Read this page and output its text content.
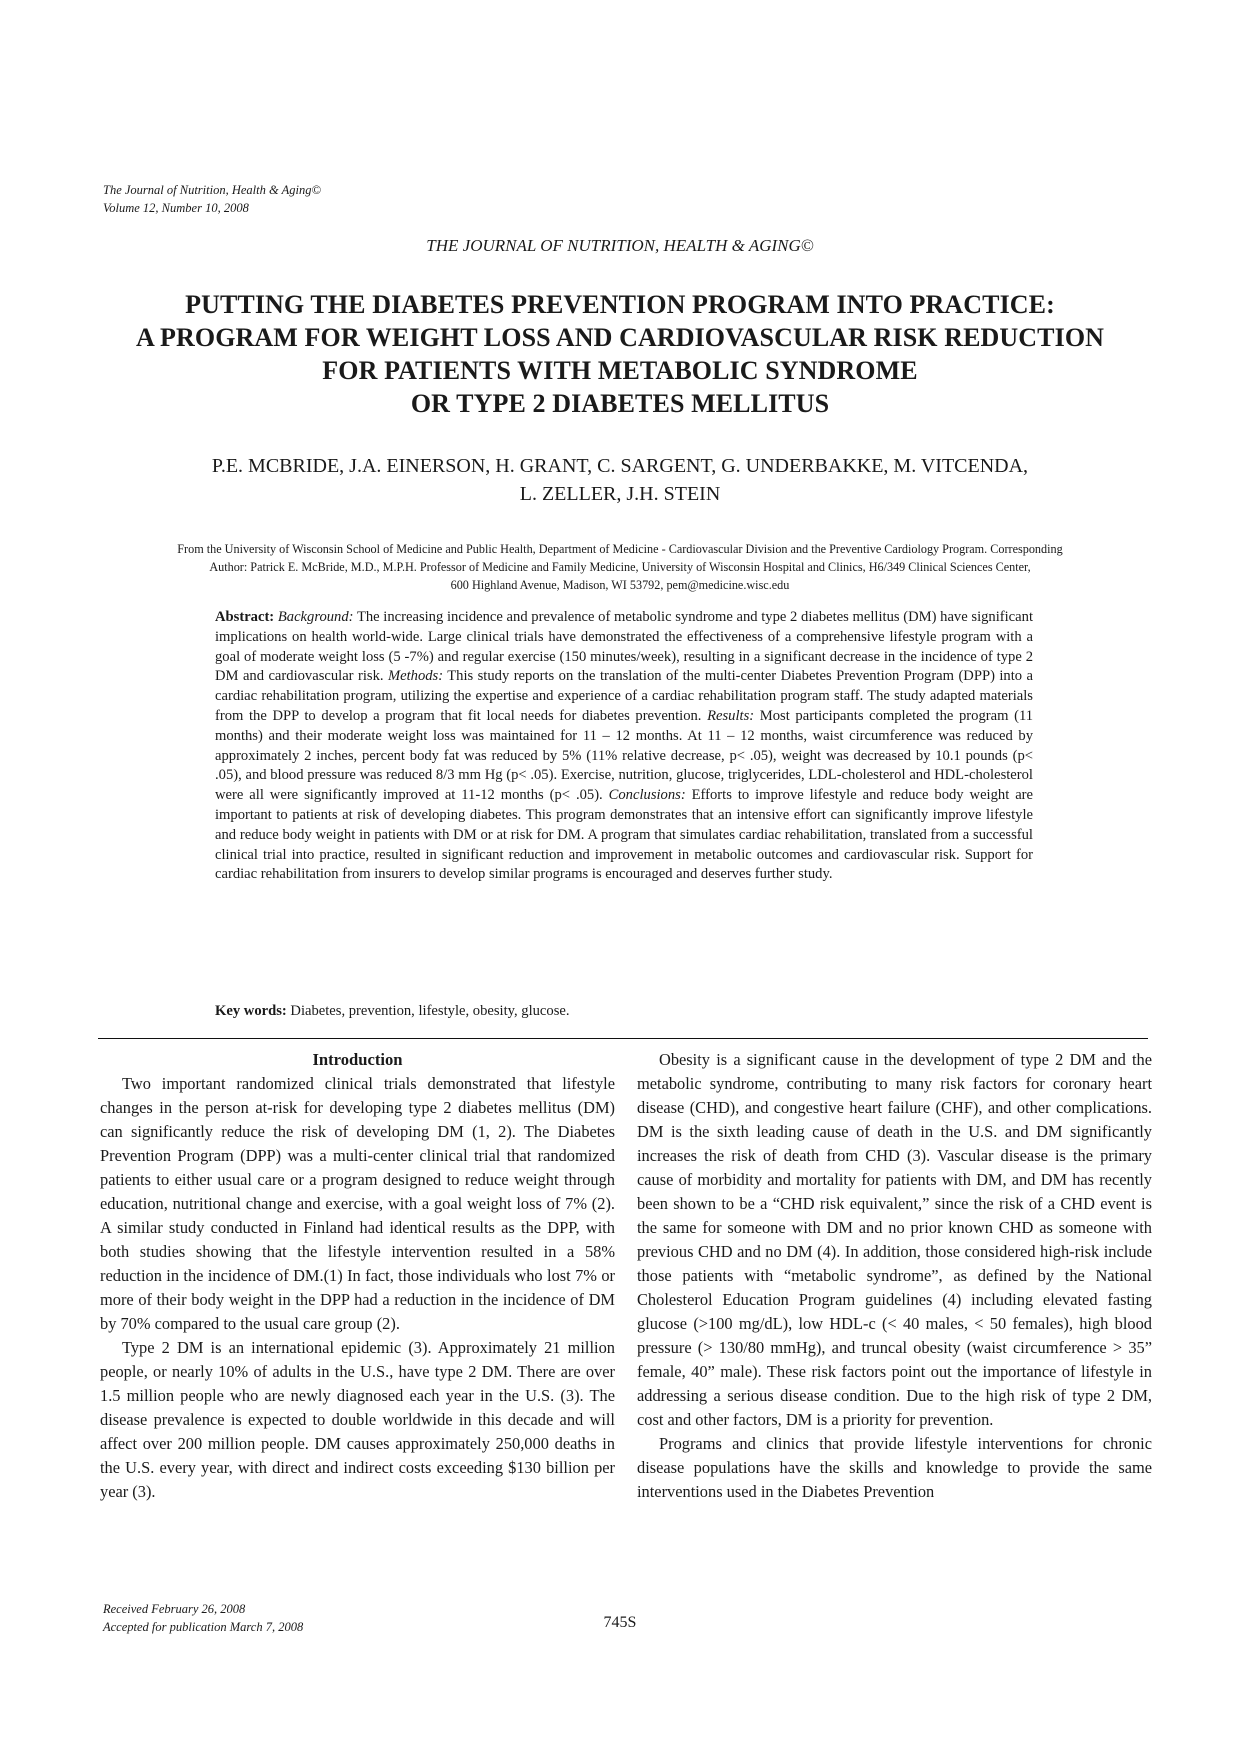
The Journal of Nutrition, Health & Aging©
Volume 12, Number 10, 2008
THE JOURNAL OF NUTRITION, HEALTH & AGING©
PUTTING THE DIABETES PREVENTION PROGRAM INTO PRACTICE:
A PROGRAM FOR WEIGHT LOSS AND CARDIOVASCULAR RISK REDUCTION
FOR PATIENTS WITH METABOLIC SYNDROME
OR TYPE 2 DIABETES MELLITUS
P.E. MCBRIDE, J.A. EINERSON, H. GRANT, C. SARGENT, G. UNDERBAKKE, M. VITCENDA,
L. ZELLER, J.H. STEIN
From the University of Wisconsin School of Medicine and Public Health, Department of Medicine - Cardiovascular Division and the Preventive Cardiology Program. Corresponding
Author: Patrick E. McBride, M.D., M.P.H. Professor of Medicine and Family Medicine, University of Wisconsin Hospital and Clinics, H6/349 Clinical Sciences Center,
600 Highland Avenue, Madison, WI 53792, pem@medicine.wisc.edu

Abstract: Background: The increasing incidence and prevalence of metabolic syndrome and type 2 diabetes mellitus (DM) have significant implications on health world-wide. Large clinical trials have demonstrated the effectiveness of a comprehensive lifestyle program with a goal of moderate weight loss (5 -7%) and regular exercise (150 minutes/week), resulting in a significant decrease in the incidence of type 2 DM and cardiovascular risk. Methods: This study reports on the translation of the multi-center Diabetes Prevention Program (DPP) into a cardiac rehabilitation program, utilizing the expertise and experience of a cardiac rehabilitation program staff. The study adapted materials from the DPP to develop a program that fit local needs for diabetes prevention. Results: Most participants completed the program (11 months) and their moderate weight loss was maintained for 11 – 12 months. At 11 – 12 months, waist circumference was reduced by approximately 2 inches, percent body fat was reduced by 5% (11% relative decrease, p< .05), weight was decreased by 10.1 pounds (p< .05), and blood pressure was reduced 8/3 mm Hg (p< .05). Exercise, nutrition, glucose, triglycerides, LDL-cholesterol and HDL-cholesterol were all were significantly improved at 11-12 months (p< .05). Conclusions: Efforts to improve lifestyle and reduce body weight are important to patients at risk of developing diabetes. This program demonstrates that an intensive effort can significantly improve lifestyle and reduce body weight in patients with DM or at risk for DM. A program that simulates cardiac rehabilitation, translated from a successful clinical trial into practice, resulted in significant reduction and improvement in metabolic outcomes and cardiovascular risk. Support for cardiac rehabilitation from insurers to develop similar programs is encouraged and deserves further study.

Key words: Diabetes, prevention, lifestyle, obesity, glucose.

Introduction

Two important randomized clinical trials demonstrated that lifestyle changes in the person at-risk for developing type 2 diabetes mellitus (DM) can significantly reduce the risk of developing DM (1, 2). The Diabetes Prevention Program (DPP) was a multi-center clinical trial that randomized patients to either usual care or a program designed to reduce weight through education, nutritional change and exercise, with a goal weight loss of 7% (2). A similar study conducted in Finland had identical results as the DPP, with both studies showing that the lifestyle intervention resulted in a 58% reduction in the incidence of DM.(1) In fact, those individuals who lost 7% or more of their body weight in the DPP had a reduction in the incidence of DM by 70% compared to the usual care group (2).

Type 2 DM is an international epidemic (3). Approximately 21 million people, or nearly 10% of adults in the U.S., have type 2 DM. There are over 1.5 million people who are newly diagnosed each year in the U.S. (3). The disease prevalence is expected to double worldwide in this decade and will affect over 200 million people. DM causes approximately 250,000 deaths in the U.S. every year, with direct and indirect costs exceeding $130 billion per year (3).

Obesity is a significant cause in the development of type 2 DM and the metabolic syndrome, contributing to many risk factors for coronary heart disease (CHD), and congestive heart failure (CHF), and other complications. DM is the sixth leading cause of death in the U.S. and DM significantly increases the risk of death from CHD (3). Vascular disease is the primary cause of morbidity and mortality for patients with DM, and DM has recently been shown to be a “CHD risk equivalent,” since the risk of a CHD event is the same for someone with DM and no prior known CHD as someone with previous CHD and no DM (4). In addition, those considered high-risk include those patients with “metabolic syndrome”, as defined by the National Cholesterol Education Program guidelines (4) including elevated fasting glucose (>100 mg/dL), low HDL-c (< 40 males, < 50 females), high blood pressure (> 130/80 mmHg), and truncal obesity (waist circumference > 35” female, 40” male). These risk factors point out the importance of lifestyle in addressing a serious disease condition. Due to the high risk of type 2 DM, cost and other factors, DM is a priority for prevention.

Programs and clinics that provide lifestyle interventions for chronic disease populations have the skills and knowledge to provide the same interventions used in the Diabetes Prevention

Received February 26, 2008
Accepted for publication March 7, 2008	745S
